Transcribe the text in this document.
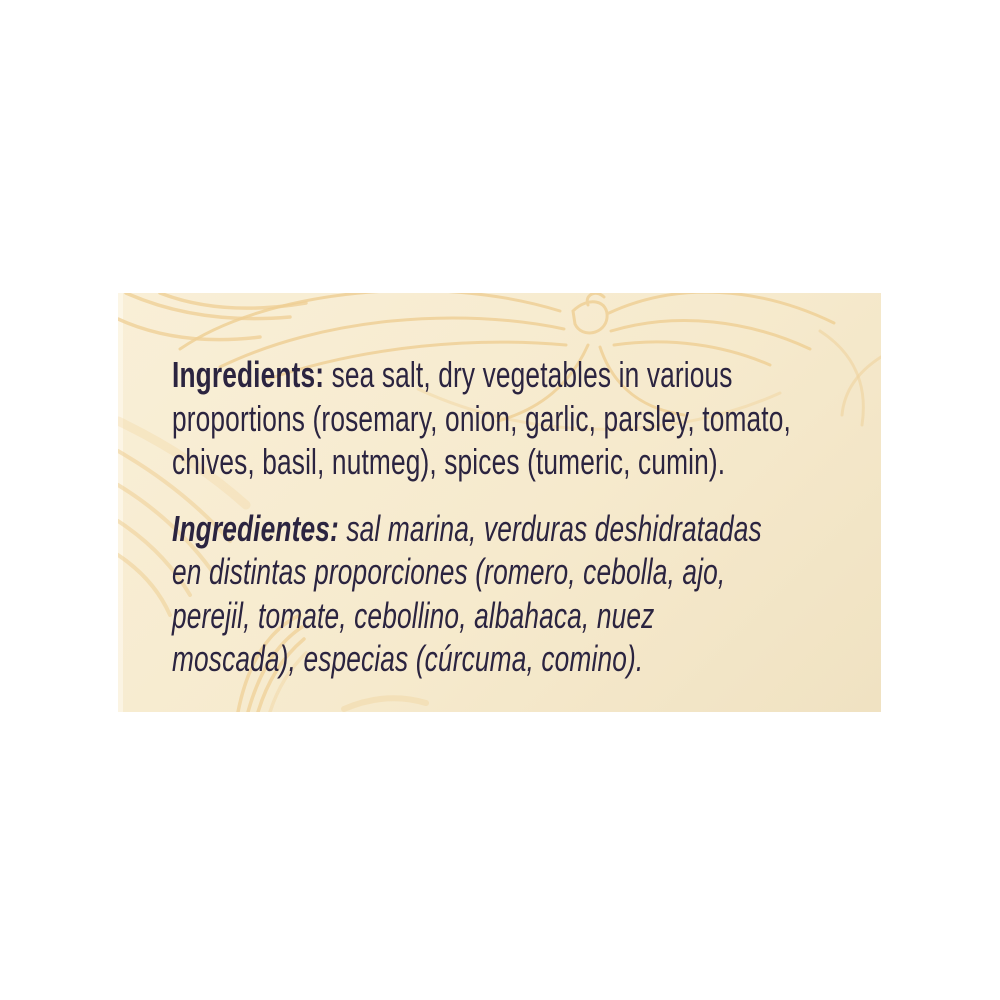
Ingredients: sea salt, dry vegetables in various
proportions (rosemary, onion, garlic, parsley, tomato,
chives, basil, nutmeg), spices (tumeric, cumin).

Ingredientes: sal marina, verduras deshidratadas
en distintas proporciones (romero, cebolla, ajo,
perejil, tomate, cebollino, albahaca, nuez
moscada), especias (cúrcuma, comino).
